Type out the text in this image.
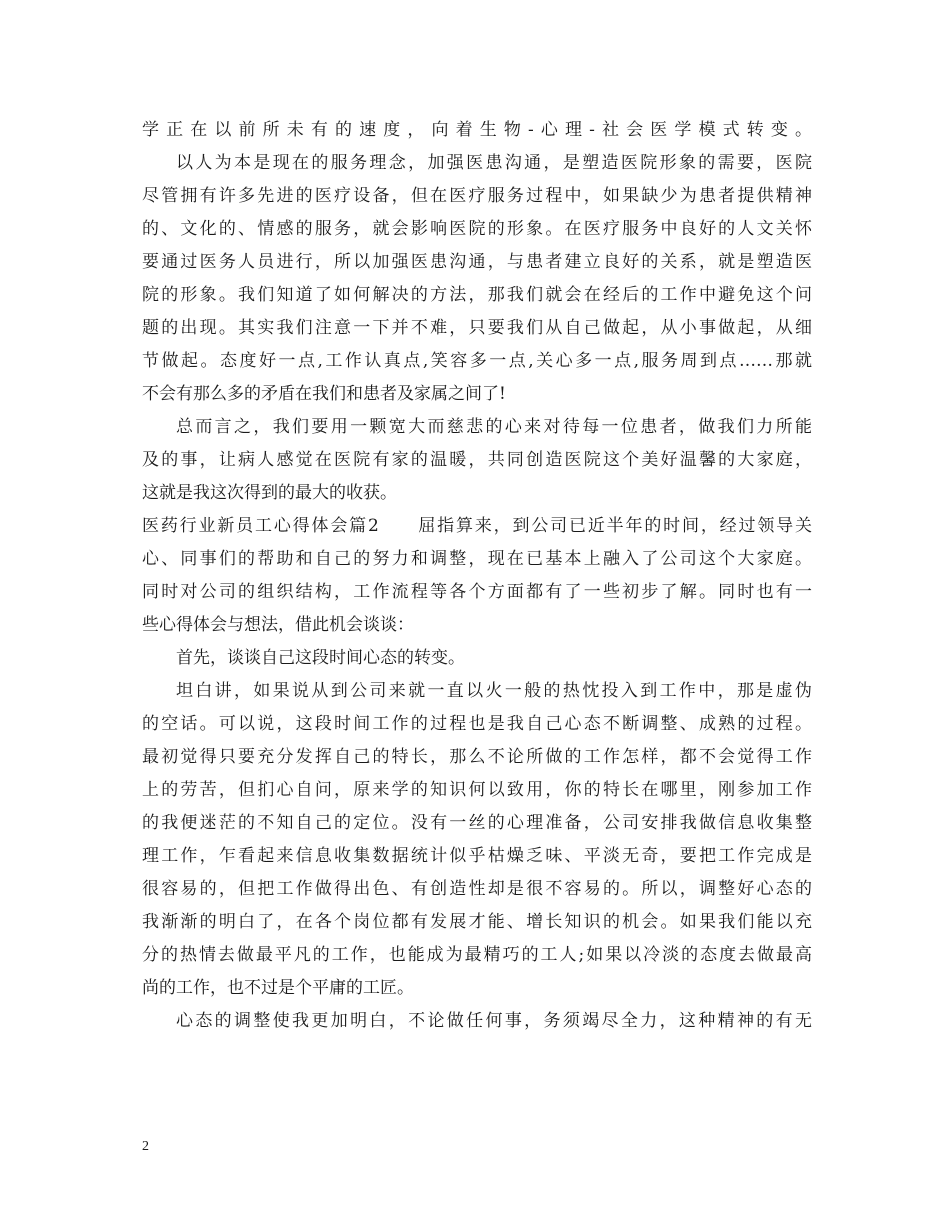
学正在以前所未有的速度，向着生物-心理-社会医学模式转变。
以人为本是现在的服务理念，加强医患沟通，是塑造医院形象的需要，医院
尽管拥有许多先进的医疗设备，但在医疗服务过程中，如果缺少为患者提供精神
的、文化的、情感的服务，就会影响医院的形象。在医疗服务中良好的人文关怀
要通过医务人员进行，所以加强医患沟通，与患者建立良好的关系，就是塑造医
院的形象。我们知道了如何解决的方法，那我们就会在经后的工作中避免这个问
题的出现。其实我们注意一下并不难，只要我们从自己做起，从小事做起，从细
节做起。态度好一点,工作认真点,笑容多一点,关心多一点,服务周到点……那就
不会有那么多的矛盾在我们和患者及家属之间了!
总而言之，我们要用一颗宽大而慈悲的心来对待每一位患者，做我们力所能
及的事，让病人感觉在医院有家的温暖，共同创造医院这个美好温馨的大家庭，
这就是我这次得到的最大的收获。
医药行业新员工心得体会篇2　　屈指算来，到公司已近半年的时间，经过领导关
心、同事们的帮助和自己的努力和调整，现在已基本上融入了公司这个大家庭。
同时对公司的组织结构，工作流程等各个方面都有了一些初步了解。同时也有一
些心得体会与想法，借此机会谈谈：
首先，谈谈自己这段时间心态的转变。
坦白讲，如果说从到公司来就一直以火一般的热忱投入到工作中，那是虚伪
的空话。可以说，这段时间工作的过程也是我自己心态不断调整、成熟的过程。
最初觉得只要充分发挥自己的特长，那么不论所做的工作怎样，都不会觉得工作
上的劳苦，但扪心自问，原来学的知识何以致用，你的特长在哪里，刚参加工作
的我便迷茫的不知自己的定位。没有一丝的心理准备，公司安排我做信息收集整
理工作，乍看起来信息收集数据统计似乎枯燥乏味、平淡无奇，要把工作完成是
很容易的，但把工作做得出色、有创造性却是很不容易的。所以，调整好心态的
我渐渐的明白了，在各个岗位都有发展才能、增长知识的机会。如果我们能以充
分的热情去做最平凡的工作，也能成为最精巧的工人;如果以冷淡的态度去做最高
尚的工作，也不过是个平庸的工匠。
心态的调整使我更加明白，不论做任何事，务须竭尽全力，这种精神的有无
2
